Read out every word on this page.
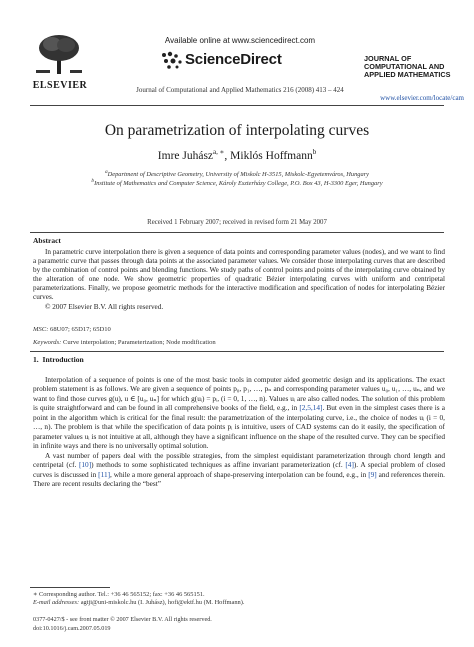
ELSEVIER
Available online at www.sciencedirect.com
ScienceDirect
Journal of Computational and Applied Mathematics 216 (2008) 413 – 424
JOURNAL OF
COMPUTATIONAL AND
APPLIED MATHEMATICS
www.elsevier.com/locate/cam
On parametrization of interpolating curves
Imre Juhász$^{a, ∗}$, Miklós Hoffmann$^b$
$^a$Department of Descriptive Geometry, University of Miskolc H-3515, Miskolc-Egyetemváros, Hungary
$^b$Institute of Mathematics and Computer Science, Károly Eszterházy College, P.O. Box 43, H-3300 Eger, Hungary
Received 1 February 2007; received in revised form 21 May 2007
Abstract

In parametric curve interpolation there is given a sequence of data points and corresponding parameter values (nodes), and we want to find a parametric curve that passes through data points at the associated parameter values. We consider those interpolating curves that are described by the combination of control points and blending functions. We study paths of control points and points of the interpolating curve obtained by the alteration of one node. We show geometric properties of quadratic Bézier interpolating curves with uniform and centripetal parameterizations. Finally, we propose geometric methods for the interactive modification and specification of nodes for interpolating Bézier curves.

© 2007 Elsevier B.V. All rights reserved.

MSC: 68U07; 65D17; 65D10
Keywords: Curve interpolation; Parameterization; Node modification
1. Introduction

Interpolation of a sequence of points is one of the most basic tools in computer aided geometric design and its applications. The exact problem statement is as follows. We are given a sequence of points p₀, p₁, …, pₙ and corresponding parameter values u₀, u₁, …, uₙ, and we want to find those curves g(u), u ∈ [u₀, uₙ] for which g(uᵢ) = pᵢ, (i = 0, 1, …, n). Values uᵢ are also called nodes. The solution of this problem is quite straightforward and can be found in all comprehensive books of the field, e.g., in [2,5,14]. But even in the simplest cases there is a point in the algorithm which is critical for the final result: the parametrization of the interpolating curve, i.e., the choice of nodes uᵢ (i = 0, …, n). The problem is that while the specification of data points pᵢ is intuitive, users of CAD systems can do it easily, the specification of parameter values uᵢ is not intuitive at all, although they have a significant influence on the shape of the resulted curve. They can be specified in infinite ways and there is no universally optimal solution.

A vast number of papers deal with the possible strategies, from the simplest equidistant parameterization through chord length and centripetal (cf. [10]) methods to some sophisticated techniques as affine invariant parameterization (cf. [4]). A special problem of closed curves is discussed in [11], while a more general approach of shape-preserving interpolation can be found, e.g., in [9] and references therein. There are recent results declaring the “best”

∗ Corresponding author. Tel.: +36 46 565152; fax: +36 46 565151.
E-mail addresses: agtji@uni-miskolc.hu (I. Juhász), hofi@ektf.hu (M. Hoffmann).
0377-0427/$ - see front matter © 2007 Elsevier B.V. All rights reserved.
doi:10.1016/j.cam.2007.05.019
